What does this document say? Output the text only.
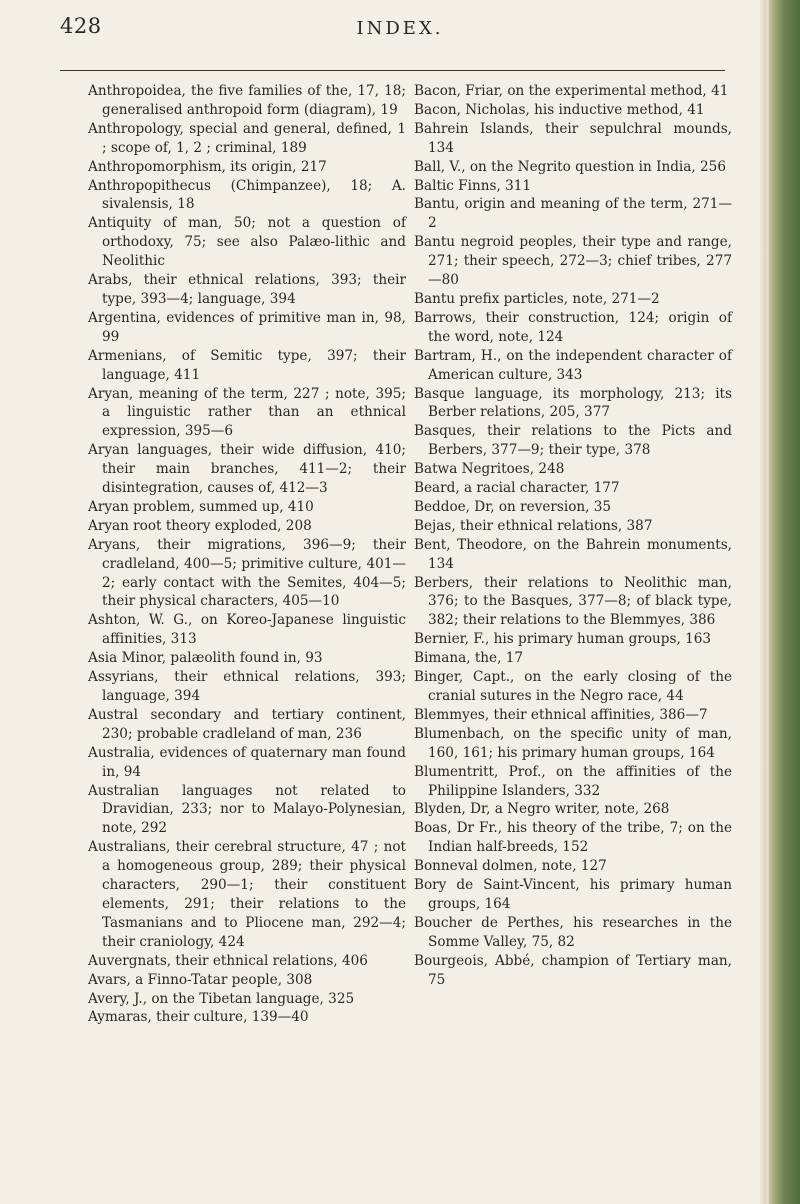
428	INDEX.
Anthropoidea, the five families of the, 17, 18; generalised anthropoid form (diagram), 19
Anthropology, special and general, defined, 1 ; scope of, 1, 2 ; criminal, 189
Anthropomorphism, its origin, 217
Anthropopithecus (Chimpanzee), 18; A. sivalensis, 18
Antiquity of man, 50; not a question of orthodoxy, 75; see also Palæo-lithic and Neolithic
Arabs, their ethnical relations, 393; their type, 393—4; language, 394
Argentina, evidences of primitive man in, 98, 99
Armenians, of Semitic type, 397; their language, 411
Aryan, meaning of the term, 227 ; note, 395; a linguistic rather than an ethnical expression, 395—6
Aryan languages, their wide diffusion, 410; their main branches, 411—2; their disintegration, causes of, 412—3
Aryan problem, summed up, 410
Aryan root theory exploded, 208
Aryans, their migrations, 396—9; their cradleland, 400—5; primitive culture, 401—2; early contact with the Semites, 404—5; their physical characters, 405—10
Ashton, W. G., on Koreo-Japanese linguistic affinities, 313
Asia Minor, palæolith found in, 93
Assyrians, their ethnical relations, 393; language, 394
Austral secondary and tertiary continent, 230; probable cradleland of man, 236
Australia, evidences of quaternary man found in, 94
Australian languages not related to Dravidian, 233; nor to Malayo-Polynesian, note, 292
Australians, their cerebral structure, 47 ; not a homogeneous group, 289; their physical characters, 290—1; their constituent elements, 291; their relations to the Tasmanians and to Pliocene man, 292—4; their craniology, 424
Auvergnats, their ethnical relations, 406
Avars, a Finno-Tatar people, 308
Avery, J., on the Tibetan language, 325
Aymaras, their culture, 139—40
Bacon, Friar, on the experimental method, 41
Bacon, Nicholas, his inductive method, 41
Bahrein Islands, their sepulchral mounds, 134
Ball, V., on the Negrito question in India, 256
Baltic Finns, 311
Bantu, origin and meaning of the term, 271—2
Bantu negroid peoples, their type and range, 271; their speech, 272—3; chief tribes, 277—80
Bantu prefix particles, note, 271—2
Barrows, their construction, 124; origin of the word, note, 124
Bartram, H., on the independent character of American culture, 343
Basque language, its morphology, 213; its Berber relations, 205, 377
Basques, their relations to the Picts and Berbers, 377—9; their type, 378
Batwa Negritoes, 248
Beard, a racial character, 177
Beddoe, Dr, on reversion, 35
Bejas, their ethnical relations, 387
Bent, Theodore, on the Bahrein monuments, 134
Berbers, their relations to Neolithic man, 376; to the Basques, 377—8; of black type, 382; their relations to the Blemmyes, 386
Bernier, F., his primary human groups, 163
Bimana, the, 17
Binger, Capt., on the early closing of the cranial sutures in the Negro race, 44
Blemmyes, their ethnical affinities, 386—7
Blumenbach, on the specific unity of man, 160, 161; his primary human groups, 164
Blumentritt, Prof., on the affinities of the Philippine Islanders, 332
Blyden, Dr, a Negro writer, note, 268
Boas, Dr Fr., his theory of the tribe, 7; on the Indian half-breeds, 152
Bonneval dolmen, note, 127
Bory de Saint-Vincent, his primary human groups, 164
Boucher de Perthes, his researches in the Somme Valley, 75, 82
Bourgeois, Abbé, champion of Tertiary man, 75
